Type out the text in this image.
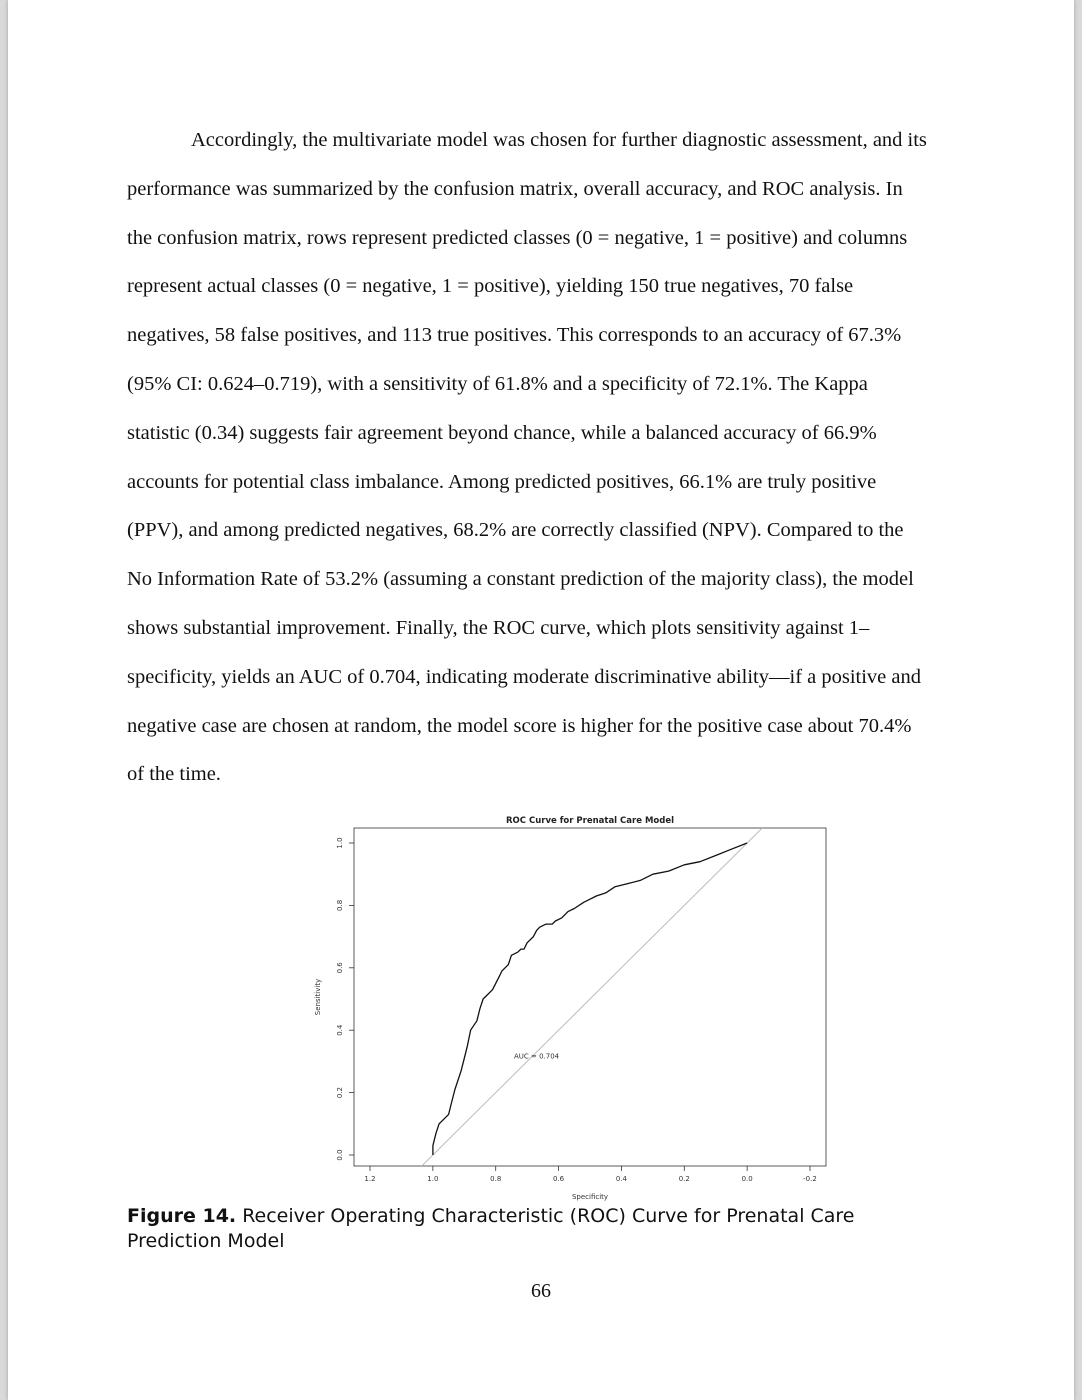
Accordingly, the multivariate model was chosen for further diagnostic assessment, and its
performance was summarized by the confusion matrix, overall accuracy, and ROC analysis. In
the confusion matrix, rows represent predicted classes (0 = negative, 1 = positive) and columns
represent actual classes (0 = negative, 1 = positive), yielding 150 true negatives, 70 false
negatives, 58 false positives, and 113 true positives. This corresponds to an accuracy of 67.3%
(95% CI: 0.624–0.719), with a sensitivity of 61.8% and a specificity of 72.1%. The Kappa
statistic (0.34) suggests fair agreement beyond chance, while a balanced accuracy of 66.9%
accounts for potential class imbalance. Among predicted positives, 66.1% are truly positive
(PPV), and among predicted negatives, 68.2% are correctly classified (NPV). Compared to the
No Information Rate of 53.2% (assuming a constant prediction of the majority class), the model
shows substantial improvement. Finally, the ROC curve, which plots sensitivity against 1–
specificity, yields an AUC of 0.704, indicating moderate discriminative ability—if a positive and
negative case are chosen at random, the model score is higher for the positive case about 70.4%
of the time.
ROC Curve for Prenatal Care Model
1.2	1.0	0.8	0.6	0.4	0.2	0.0	-0.2
Specificity
0.0
0.2
0.4
0.6
0.8
1.0
Sensitivity
AUC = 0.704
Figure 14. Receiver Operating Characteristic (ROC) Curve for Prenatal Care Prediction Model
66
